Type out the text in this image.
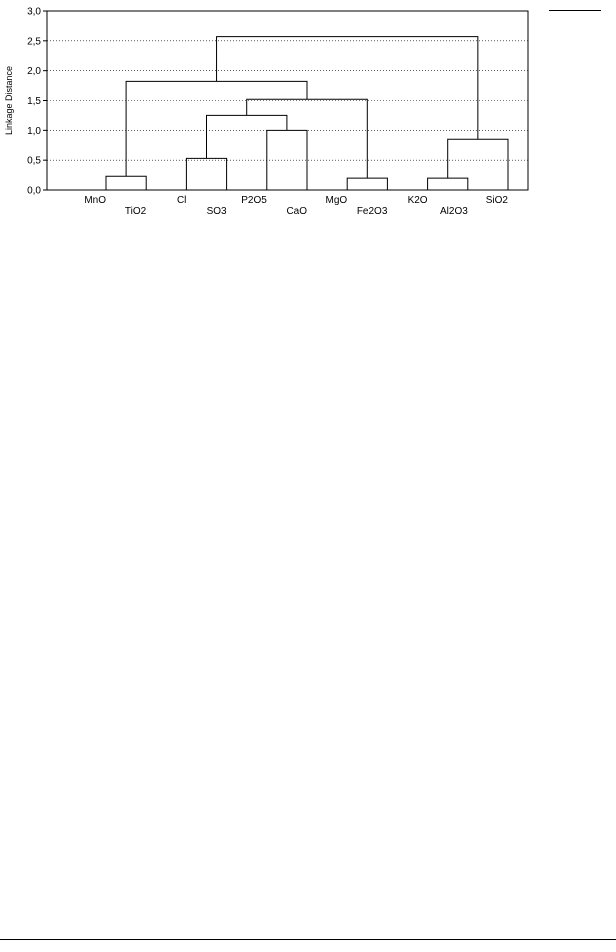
0,0
0,5
1,0
1,5
2,0
2,5
3,0
Linkage Distance
MnO
TiO2
Cl
SO3
P2O5
CaO
MgO
Fe2O3
K2O
Al2O3
SiO2
